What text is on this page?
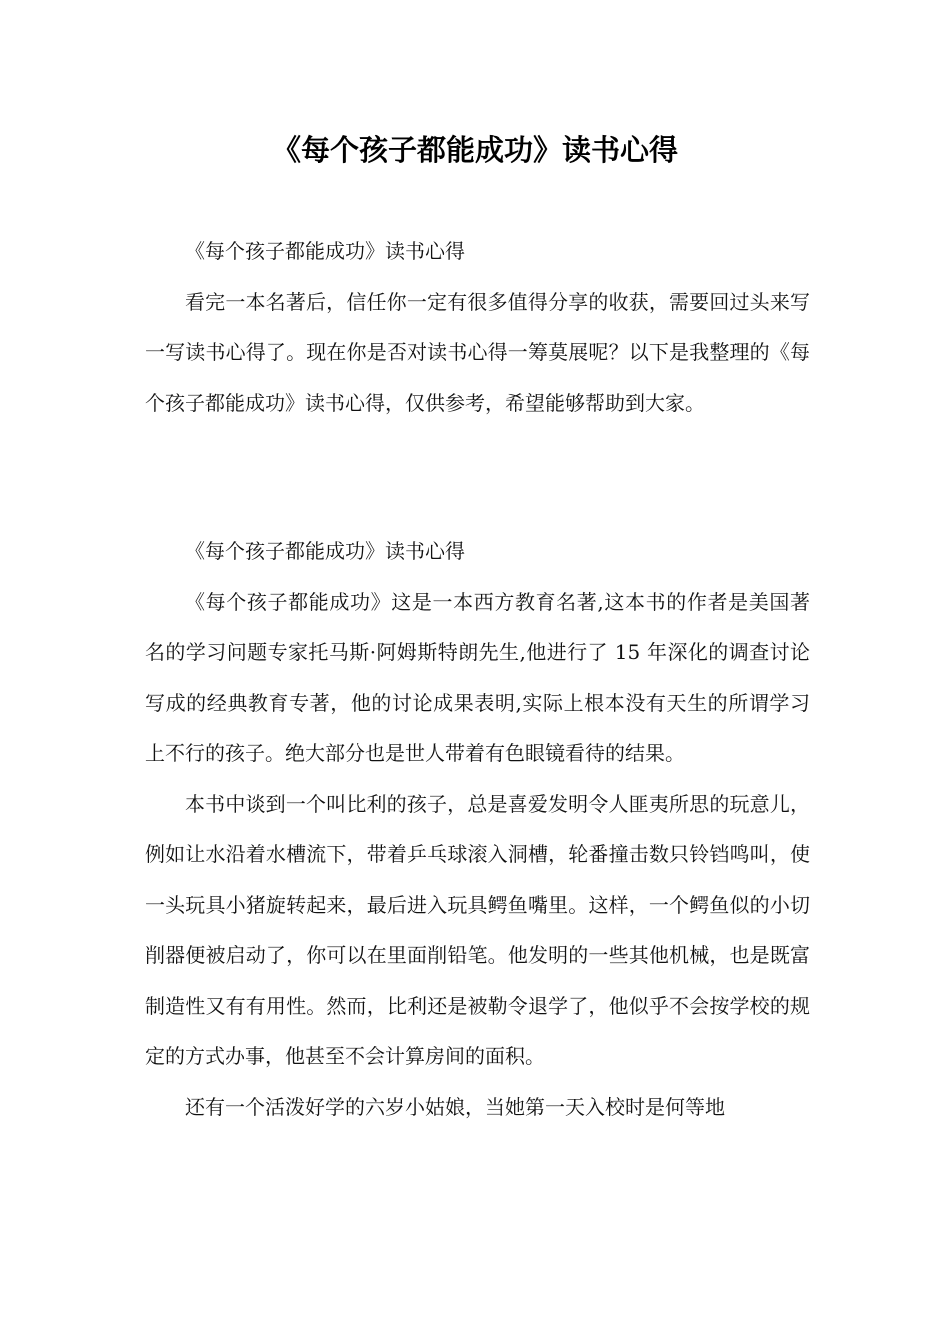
《每个孩子都能成功》读书心得

《每个孩子都能成功》读书心得

看完一本名著后，信任你一定有很多值得分享的收获，需要回过头来写一写读书心得了。现在你是否对读书心得一筹莫展呢？以下是我整理的《每个孩子都能成功》读书心得，仅供参考，希望能够帮助到大家。

《每个孩子都能成功》读书心得

《每个孩子都能成功》这是一本西方教育名著,这本书的作者是美国著名的学习问题专家托马斯·阿姆斯特朗先生,他进行了 15 年深化的调查讨论写成的经典教育专著，他的讨论成果表明,实际上根本没有天生的所谓学习上不行的孩子。绝大部分也是世人带着有色眼镜看待的结果。

本书中谈到一个叫比利的孩子，总是喜爱发明令人匪夷所思的玩意儿，例如让水沿着水槽流下，带着乒乓球滚入洞槽，轮番撞击数只铃铛鸣叫，使一头玩具小猪旋转起来，最后进入玩具鳄鱼嘴里。这样，一个鳄鱼似的小切削器便被启动了，你可以在里面削铅笔。他发明的一些其他机械，也是既富制造性又有有用性。然而，比利还是被勒令退学了，他似乎不会按学校的规定的方式办事，他甚至不会计算房间的面积。

还有一个活泼好学的六岁小姑娘，当她第一天入校时是何等地
